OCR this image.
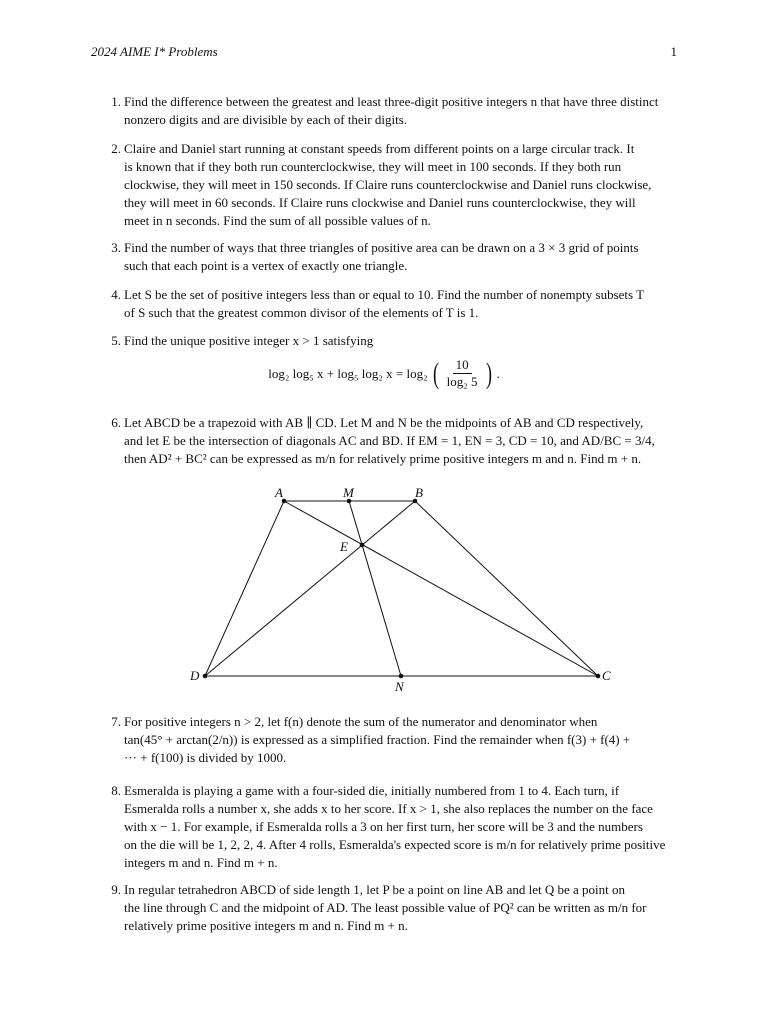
2024 AIME I* Problems	1
1. Find the difference between the greatest and least three-digit positive integers n that have three distinct
nonzero digits and are divisible by each of their digits.
2. Claire and Daniel start running at constant speeds from different points on a large circular track. It
is known that if they both run counterclockwise, they will meet in 100 seconds. If they both run
clockwise, they will meet in 150 seconds. If Claire runs counterclockwise and Daniel runs clockwise,
they will meet in 60 seconds. If Claire runs clockwise and Daniel runs counterclockwise, they will
meet in n seconds. Find the sum of all possible values of n.
3. Find the number of ways that three triangles of positive area can be drawn on a 3 × 3 grid of points
such that each point is a vertex of exactly one triangle.
4. Let S be the set of positive integers less than or equal to 10. Find the number of nonempty subsets T
of S such that the greatest common divisor of the elements of T is 1.
5. Find the unique positive integer x > 1 satisfying
log₂ log₅ x + log₅ log₂ x = log₂ ( $\frac{10}{\text{log₂ 5}}$ ) .
6. Let ABCD be a trapezoid with AB ∥ CD. Let M and N be the midpoints of AB and CD respectively,
and let E be the intersection of diagonals AC and BD. If EM = 1, EN = 3, CD = 10, and AD/BC = 3/4,
then AD² + BC² can be expressed as m/n for relatively prime positive integers m and n. Find m + n.
A	M	B
E
D
N
C
7. For positive integers n > 2, let f(n) denote the sum of the numerator and denominator when
tan(45° + arctan(2/n)) is expressed as a simplified fraction. Find the remainder when f(3) + f(4) +
··· + f(100) is divided by 1000.
8. Esmeralda is playing a game with a four-sided die, initially numbered from 1 to 4. Each turn, if
Esmeralda rolls a number x, she adds x to her score. If x > 1, she also replaces the number on the face
with x − 1. For example, if Esmeralda rolls a 3 on her first turn, her score will be 3 and the numbers
on the die will be 1, 2, 2, 4. After 4 rolls, Esmeralda's expected score is m/n for relatively prime positive
integers m and n. Find m + n.
9. In regular tetrahedron ABCD of side length 1, let P be a point on line AB and let Q be a point on
the line through C and the midpoint of AD. The least possible value of PQ² can be written as m/n for
relatively prime positive integers m and n. Find m + n.
